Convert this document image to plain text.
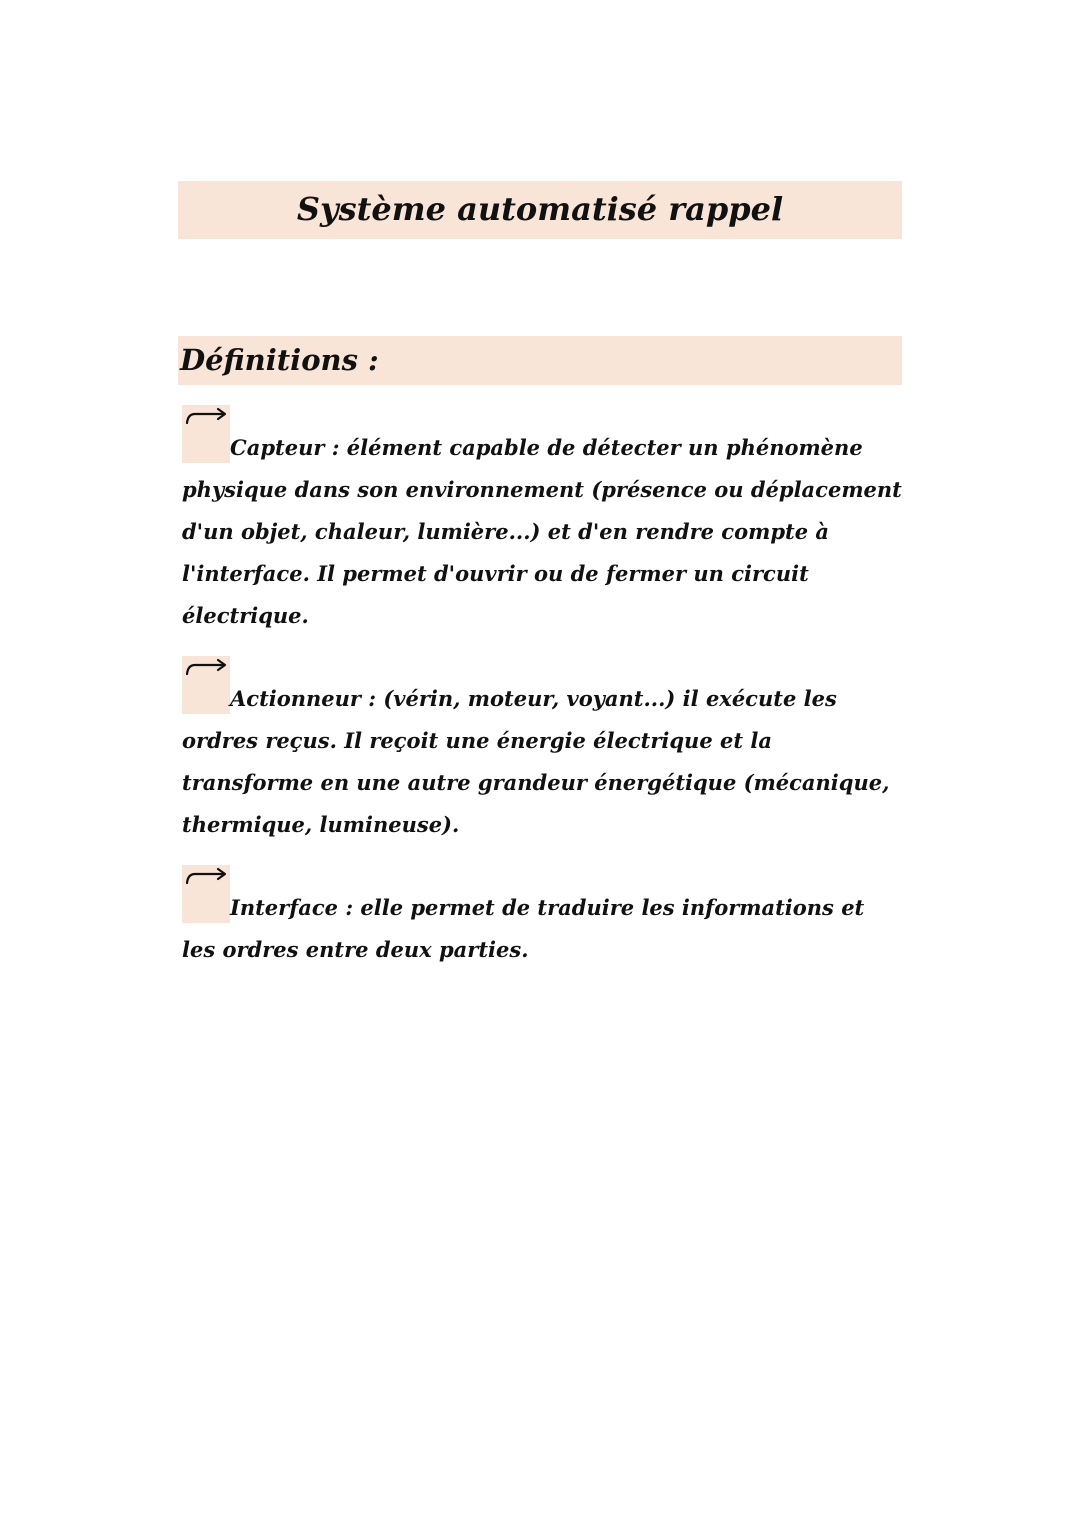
Système automatisé rappel
Définitions :
Capteur : élément capable de détecter un phénomène
physique dans son environnement (présence ou déplacement
d'un objet, chaleur, lumière...) et d'en rendre compte à
l'interface. Il permet d'ouvrir ou de fermer un circuit
électrique.
Actionneur : (vérin, moteur, voyant...) il exécute les
ordres reçus. Il reçoit une énergie électrique et la
transforme en une autre grandeur énergétique (mécanique,
thermique, lumineuse).
Interface : elle permet de traduire les informations et
les ordres entre deux parties.
